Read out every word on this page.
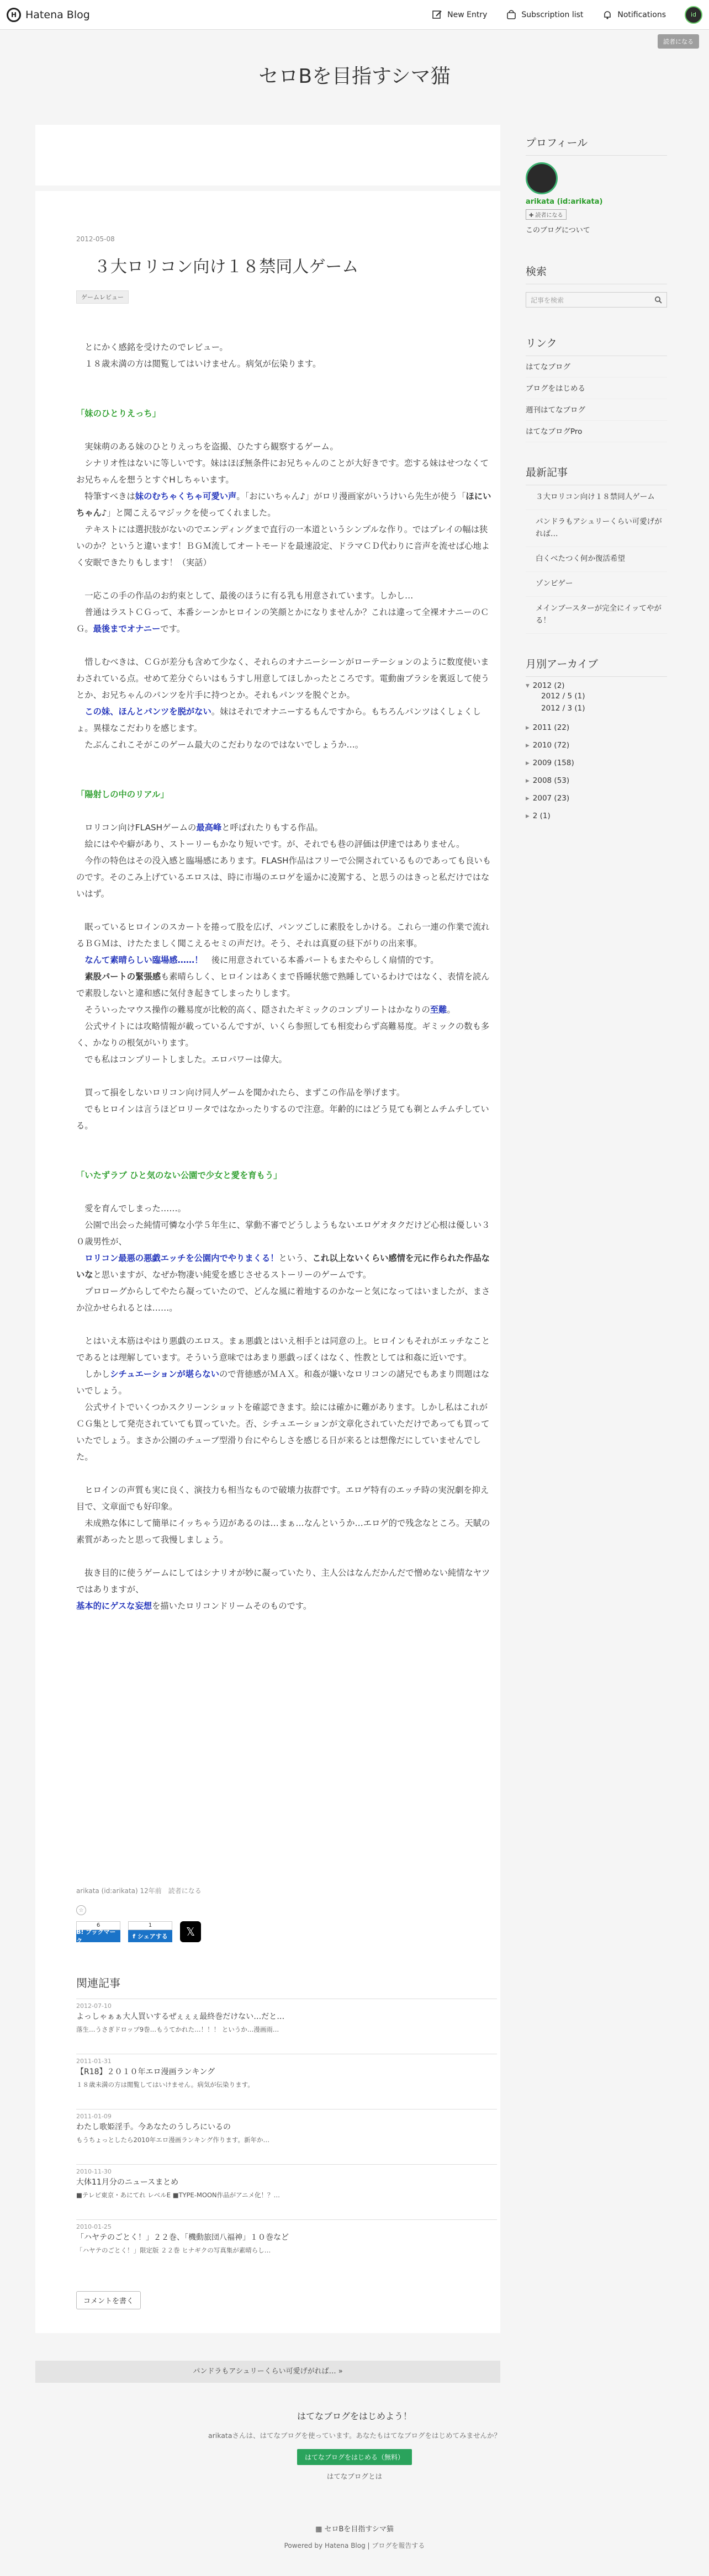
H Hatena Blog	New Entry	Subscription list	Notifications	id
読者になる
セロBを目指すシマ猫
2012-05-08
３大ロリコン向け１８禁同人ゲーム
ゲームレビュー

　とにかく感銘を受けたのでレビュー。

　１８歳未満の方は閲覧してはいけません。病気が伝染ります。

「妹のひとりえっち」

　実妹萌のある妹のひとりえっちを盗撮、ひたすら観察するゲーム。

　シナリオ性はないに等しいです。妹はほぼ無条件にお兄ちゃんのことが大好きです。恋する妹はせつなくてお兄ちゃんを想うとすぐHしちゃいます。

　特筆すべきは妹のむちゃくちゃ可愛い声。「おにいちゃん♪」がロリ漫画家がいうけいら先生が使う「ほにいちゃん♪」と聞こえるマジックを使ってくれました。

　テキストには選択肢がないのでエンディングまで直行の一本道というシンプルな作り。ではプレイの幅は狭いのか？というと違います！ＢＧＭ流してオートモードを最速設定、ドラマＣＤ代わりに音声を流せば心地よく安眠できたりもします！（実話）

　一応この手の作品のお約束として、最後のほうに有る乳も用意されています。しかし…

　普通はラストＣＧって、本番シーンかヒロインの笑顔とかになりませんか？これは違って全裸オナニーのＣＧ。最後までオナニーです。

　惜しむべきは、ＣＧが差分も含めて少なく、それらのオナニーシーンがローテーションのように数度使いまわされている点。せめて差分ぐらいはもうすし用意してほしかったところです。電動歯ブラシを裏返して使うとか、お兄ちゃんのパンツを片手に持つとか。それもパンツを脱ぐとか。

　この妹、ほんとパンツを脱がない。妹はそれでオナニーするもんですから。もちろんパンツはくしょくしょ。異様なこだわりを感じます。

　たぶんこれこそがこのゲーム最大のこだわりなのではないでしょうか…。

「陽射しの中のリアル」

　ロリコン向けFLASHゲームの最高峰と呼ばれたりもする作品。

　絵にはやや癖があり、ストーリーもかなり短いです。が、それでも巷の評価は伊達ではありません。

　今作の特色はその没入感と臨場感にあります。FLASH作品はフリーで公開されているものであっても良いものです。そのこみ上げているエロスは、時に市場のエロゲを遥かに凌駕する、と思うのはきっと私だけではないはず。

　眠っているヒロインのスカートを捲って股を広げ、パンツごしに素股をしかける。これら一連の作業で流れるＢＧＭは、けたたましく聞こえるセミの声だけ。そう、それは真夏の昼下がりの出来事。

　なんて素晴らしい臨場感……！　後に用意されている本番パートもまたやらしく扇情的です。

　素股パートの緊張感も素晴らしく、ヒロインはあくまで昏睡状態で熟睡しているわけではなく、表情を読んで素股しないと違和感に気付き起きてしまったりします。

　そういったマウス操作の難易度が比較的高く、隠されたギミックのコンプリートはかなりの至難。

　公式サイトには攻略情報が載っているんですが、いくら参照しても相変わらず高難易度。ギミックの数も多く、かなりの根気がいります。

　でも私はコンプリートしました。エロパワーは偉大。

　買って損をしないロリコン向け同人ゲームを聞かれたら、まずこの作品を挙げます。

　でもヒロインは言うほどロリータではなかったりするので注意。年齢的にはどう見ても剃とムチムチしている。

「いたずラブ ひと気のない公園で少女と愛を育もう」

　愛を育んでしまった……。

　公園で出会った純情可憐な小学５年生に、掌動不審でどうしようもないエロゲオタクだけど心根は優しい３０歳男性が、

　ロリコン最悪の悪戯エッチを公園内でやりまくる！という、これ以上ないくらい感情を元に作られた作品ないなと思いますが、なぜか物凄い純愛を感じさせるストーリーのゲームです。

　プロローグからしてやたら凝っていたので、どんな風に着地するのかなーと気になってはいましたが、まさか泣かせられるとは……。

　とはいえ本筋はやはり悪戯のエロス。まぁ悪戯とはいえ相手とは同意の上。ヒロインもそれがエッチなことであるとは理解しています。そういう意味ではあまり悪戯っぽくはなく、性教としては和姦に近いです。

　しかしシチュエーションが堪らないので背徳感がＭＡＸ。和姦が嫌いなロリコンの諸兄でもあまり問題はないでしょう。

　公式サイトでいくつかスクリーンショットを確認できます。絵には確かに難があります。しかし私はこれがＣＧ集として発売されていても買っていた。否、シチュエーションが文章化されていただけであっても買っていたでしょう。まさか公園のチューブ型滑り台にやらしさを感じる日が来るとは想像だにしていませんでした。

　ヒロインの声質も実に良く、演技力も相当なもので破壊力抜群です。エロゲ特有のエッチ時の実況劇を抑え目で、文章面でも好印象。

　未成熟な体にして簡単にイッちゃう辺があるのは…まぁ…なんというか…エロゲ的で残念なところ。天賦の素質があったと思って我慢しましょう。

　抜き目的に使うゲームにしてはシナリオが妙に凝っていたり、主人公はなんだかんだで憎めない純情なヤツではありますが、

基本的にゲスな妄想を描いたロリコンドリームそのものです。

arikata (id:arikata) 12年前　読者になる
☆
6
B! ブックマーク
1
f シェアする	𝕏
関連記事
2012-07-10
よっしゃぁぁ大人買いするぜぇぇぇ最終巻だけない…だと…
落生…うさぎドロップ9巻…もうてかれた…！！！ というか…漫画雨…
2011-01-31
【R18】２０１０年エロ漫画ランキング
１８歳未満の方は閲覧してはいけません。病気が伝染ります。
2011-01-09
わたし歌姫淫手。今あなたのうしろにいるの
もうちょっとしたら2010年エロ漫画ランキング作ります。新年か…
2010-11-30
大体11月分のニュースまとめ
■テレビ東京・あにてれ レベルE ■TYPE-MOON作品がアニメ化！？…
2010-01-25
「ハヤテのごとく！」２２巻、「機動旅団八福神」１０巻など
「ハヤテのごとく！」限定版 ２２巻 ヒナギクの写真集が素晴らし…
コメントを書く
パンドラもアシュリーくらい可愛げがれば… »
プロフィール
arikata (id:arikata)
✚ 読者になる
このブログについて
検索
記事を検索
リンク
はてなブログ
ブログをはじめる
週刊はてなブログ
はてなブログPro
最新記事
３大ロリコン向け１８禁同人ゲーム
パンドラもアシュリーくらい可愛げがれば…
白くべたつく何か復活希望
ゾンビゲー
メインブースターが完全にイッてやがる！
月別アーカイブ
▾ 2012 (2)
2012 / 5 (1)
2012 / 3 (1)
▸ 2011 (22)
▸ 2010 (72)
▸ 2009 (158)
▸ 2008 (53)
▸ 2007 (23)
▸ 2 (1)
はてなブログをはじめよう！
arikataさんは、はてなブログを使っています。あなたもはてなブログをはじめてみませんか？
はてなブログをはじめる（無料）
はてなブログとは
▦ セロBを目指すシマ猫
Powered by Hatena Blog | ブログを報告する
